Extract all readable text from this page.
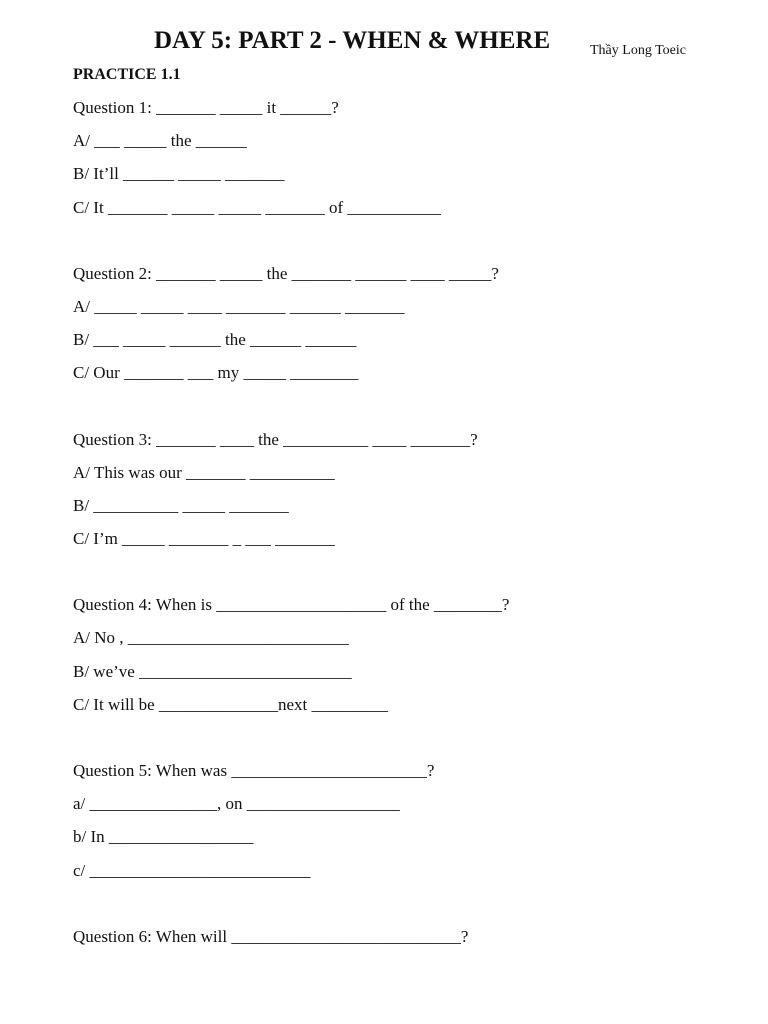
DAY 5: PART 2 - WHEN & WHERE	Thầy Long Toeic
PRACTICE 1.1
Question 1: _______ _____ it ______?
A/ ___ _____ the ______
B/ It’ll ______ _____ _______
C/ It _______ _____ _____ _______ of ___________
Question 2: _______ _____ the _______ ______ ____ _____?
A/ _____ _____ ____ _______ ______ _______
B/ ___ _____ ______ the ______ ______
C/ Our _______ ___ my _____ ________
Question 3: _______ ____ the __________ ____ _______?
A/ This was our _______ __________
B/ __________ _____ _______
C/ I’m _____ _______ _ ___ _______
Question 4: When is ____________________ of the ________?
A/ No , __________________________
B/ we’ve _________________________
C/ It will be ______________next _________
Question 5: When was _______________________?
a/ _______________, on __________________
b/ In _________________
c/ __________________________
Question 6: When will ___________________________?
